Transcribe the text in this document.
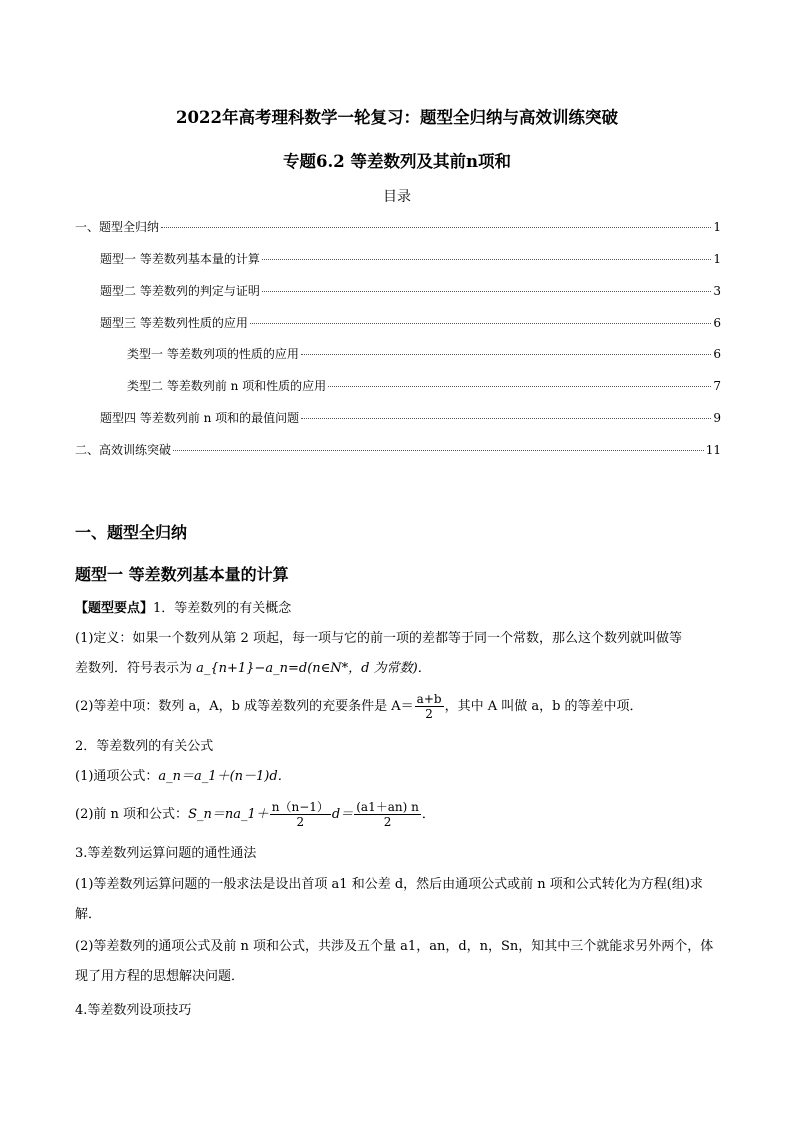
2022年高考理科数学一轮复习：题型全归纳与高效训练突破
专题6.2 等差数列及其前n项和
目录
一、题型全归纳	1
题型一 等差数列基本量的计算	1
题型二 等差数列的判定与证明	3
题型三 等差数列性质的应用	6
类型一 等差数列项的性质的应用	6
类型二 等差数列前 n 项和性质的应用	7
题型四 等差数列前 n 项和的最值问题	9
二、高效训练突破	11
一、题型全归纳
题型一 等差数列基本量的计算
【题型要点】1．等差数列的有关概念
(1)定义：如果一个数列从第 2 项起，每一项与它的前一项的差都等于同一个常数，那么这个数列就叫做等
差数列．符号表示为 a_{n+1}−a_n=d(n∈N*，d 为常数)．
(2)等差中项：数列 a，A，b 成等差数列的充要条件是 $A= \frac{a+b}{2}$ ，其中 A 叫做 a，b 的等差中项．
2．等差数列的有关公式
(1)通项公式：a_n＝a_1＋(n－1)d．
(2)前 n 项和公式：S_n＝na_1＋ $\frac{n(n-1)}{2} d= \frac{(a1+an) n}{2}$ ．
3.等差数列运算问题的通性通法
(1)等差数列运算问题的一般求法是设出首项 a1 和公差 d，然后由通项公式或前 n 项和公式转化为方程(组)求
解．
(2)等差数列的通项公式及前 n 项和公式，共涉及五个量 a1，an，d，n，Sn，知其中三个就能求另外两个，体
现了用方程的思想解决问题．
4.等差数列设项技巧
